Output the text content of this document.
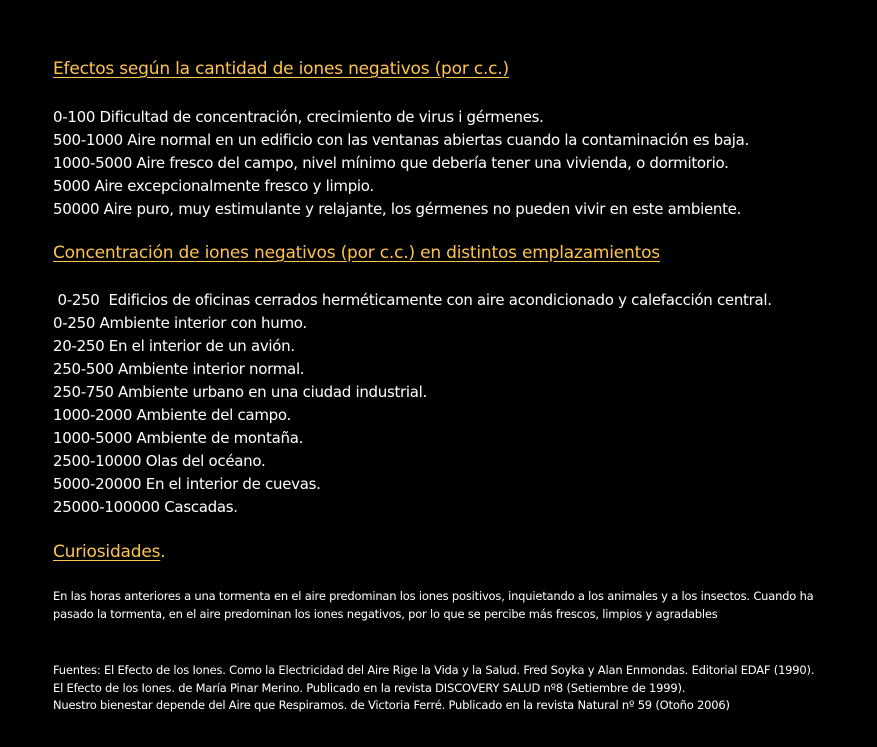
Efectos según la cantidad de iones negativos (por c.c.)
0-100 Dificultad de concentración, crecimiento de virus i gérmenes.
500-1000 Aire normal en un edificio con las ventanas abiertas cuando la contaminación es baja.
1000-5000 Aire fresco del campo, nivel mínimo que debería tener una vivienda, o dormitorio.
5000 Aire excepcionalmente fresco y limpio.
50000 Aire puro, muy estimulante y relajante, los gérmenes no pueden vivir en este ambiente.
Concentración de iones negativos (por c.c.) en distintos emplazamientos
0-250  Edificios de oficinas cerrados herméticamente con aire acondicionado y calefacción central.
0-250 Ambiente interior con humo.
20-250 En el interior de un avión.
250-500 Ambiente interior normal.
250-750 Ambiente urbano en una ciudad industrial.
1000-2000 Ambiente del campo.
1000-5000 Ambiente de montaña.
2500-10000 Olas del océano.
5000-20000 En el interior de cuevas.
25000-100000 Cascadas.
Curiosidades.
En las horas anteriores a una tormenta en el aire predominan los iones positivos, inquietando a los animales y a los insectos. Cuando ha pasado la tormenta, en el aire predominan los iones negativos, por lo que se percibe más frescos, limpios y agradables
Fuentes: El Efecto de los Iones. Como la Electricidad del Aire Rige la Vida y la Salud. Fred Soyka y Alan Enmondas. Editorial EDAF (1990).
El Efecto de los Iones. de María Pinar Merino. Publicado en la revista DISCOVERY SALUD nº8 (Setiembre de 1999).
Nuestro bienestar depende del Aire que Respiramos. de Victoria Ferré. Publicado en la revista Natural nº 59 (Otoño 2006)
